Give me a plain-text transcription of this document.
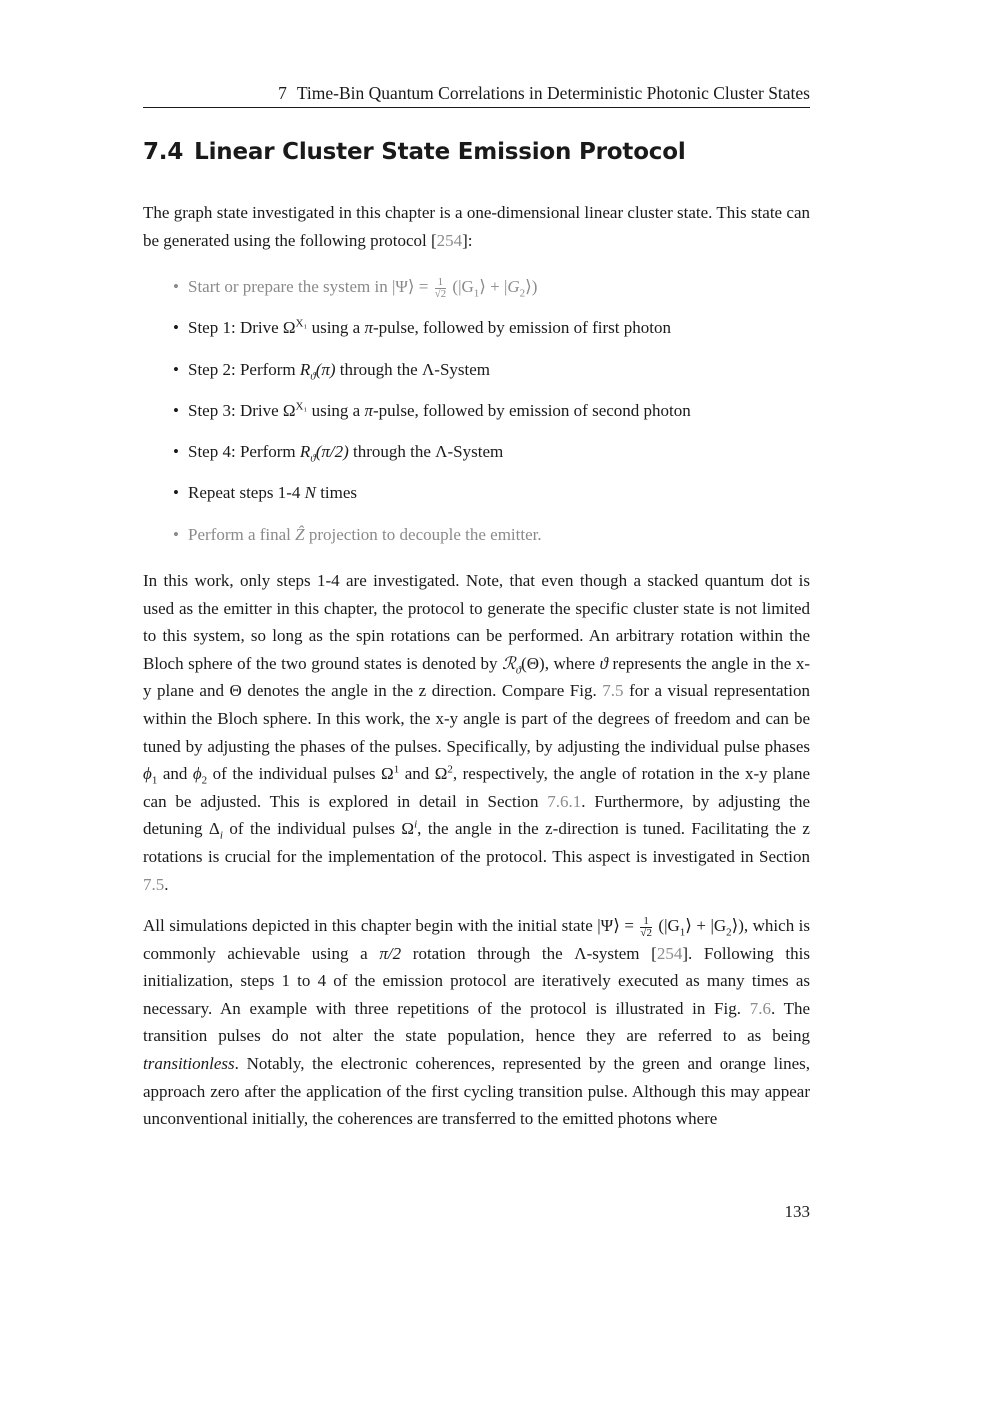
7 Time-Bin Quantum Correlations in Deterministic Photonic Cluster States
7.4 Linear Cluster State Emission Protocol

The graph state investigated in this chapter is a one-dimensional linear cluster state. This state can be generated using the following protocol [254]:

• Start or prepare the system in |Ψ⟩ = $\frac{1}{√2}$ ($|G_1⟩$ + $|G_2⟩$)
• Step 1: Drive $\Omega^{X_1}$ using a π-pulse, followed by emission of first photon
• Step 2: Perform $R_ϑ(\pi)$ through the Λ-System
• Step 3: Drive $\Omega^{X_1}$ using a π-pulse, followed by emission of second photon
• Step 4: Perform $R_ϑ(\pi/2)$ through the Λ-System
• Repeat steps 1-4 N times
• Perform a final Ẑ projection to decouple the emitter.

In this work, only steps 1-4 are investigated. Note, that even though a stacked quantum dot is used as the emitter in this chapter, the protocol to generate the specific cluster state is not limited to this system, so long as the spin rotations can be performed. An arbitrary rotation within the Bloch sphere of the two ground states is denoted by ℛ$_ϑ$(Θ), where ϑ represents the angle in the x-y plane and Θ denotes the angle in the z direction. Compare Fig. 7.5 for a visual representation within the Bloch sphere. In this work, the x-y angle is part of the degrees of freedom and can be tuned by adjusting the phases of the pulses. Specifically, by adjusting the individual pulse phases $\phi_1$ and $\phi_2$ of the individual pulses $\Omega^1$ and $\Omega^2$, respectively, the angle of rotation in the x-y plane can be adjusted. This is explored in detail in Section 7.6.1. Furthermore, by adjusting the detuning $\Delta_i$ of the individual pulses $\Omega^i$, the angle in the z-direction is tuned. Facilitating the z rotations is crucial for the implementation of the protocol. This aspect is investigated in Section 7.5.

All simulations depicted in this chapter begin with the initial state |Ψ⟩ = $\frac{1}{√2}$ ($|G_1⟩$ + $|G_2⟩$), which is commonly achievable using a π/2 rotation through the Λ-system [254]. Following this initialization, steps 1 to 4 of the emission protocol are iteratively executed as many times as necessary. An example with three repetitions of the protocol is illustrated in Fig. 7.6. The transition pulses do not alter the state population, hence they are referred to as being transitionless. Notably, the electronic coherences, represented by the green and orange lines, approach zero after the application of the first cycling transition pulse. Although this may appear unconventional initially, the coherences are transferred to the emitted photons where

133
